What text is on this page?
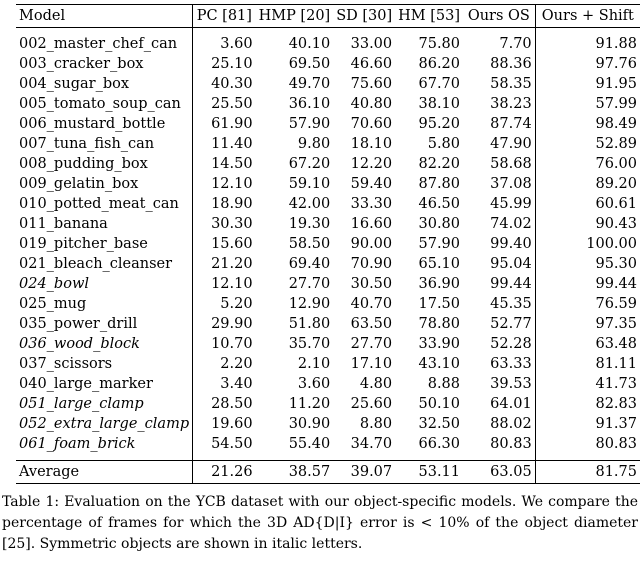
Model	PC [81]	HMP [20]	SD [30]	HM [53]	Ours OS	Ours + Shift
002_master_chef_can	3.60	40.10	33.00	75.80	7.70	91.88
003_cracker_box	25.10	69.50	46.60	86.20	88.36	97.76
004_sugar_box	40.30	49.70	75.60	67.70	58.35	91.95
005_tomato_soup_can	25.50	36.10	40.80	38.10	38.23	57.99
006_mustard_bottle	61.90	57.90	70.60	95.20	87.74	98.49
007_tuna_fish_can	11.40	9.80	18.10	5.80	47.90	52.89
008_pudding_box	14.50	67.20	12.20	82.20	58.68	76.00
009_gelatin_box	12.10	59.10	59.40	87.80	37.08	89.20
010_potted_meat_can	18.90	42.00	33.30	46.50	45.99	60.61
011_banana	30.30	19.30	16.60	30.80	74.02	90.43
019_pitcher_base	15.60	58.50	90.00	57.90	99.40	100.00
021_bleach_cleanser	21.20	69.40	70.90	65.10	95.04	95.30
024_bowl	12.10	27.70	30.50	36.90	99.44	99.44
025_mug	5.20	12.90	40.70	17.50	45.35	76.59
035_power_drill	29.90	51.80	63.50	78.80	52.77	97.35
036_wood_block	10.70	35.70	27.70	33.90	52.28	63.48
037_scissors	2.20	2.10	17.10	43.10	63.33	81.11
040_large_marker	3.40	3.60	4.80	8.88	39.53	41.73
051_large_clamp	28.50	11.20	25.60	50.10	64.01	82.83
052_extra_large_clamp	19.60	30.90	8.80	32.50	88.02	91.37
061_foam_brick	54.50	55.40	34.70	66.30	80.83	80.83
Average	21.26	38.57	39.07	53.11	63.05	81.75
Table 1: Evaluation on the YCB dataset with our object-specific models. We compare the percentage of frames for which the 3D AD{D|I} error is < 10% of the object diameter [25]. Symmetric objects are shown in italic letters.
